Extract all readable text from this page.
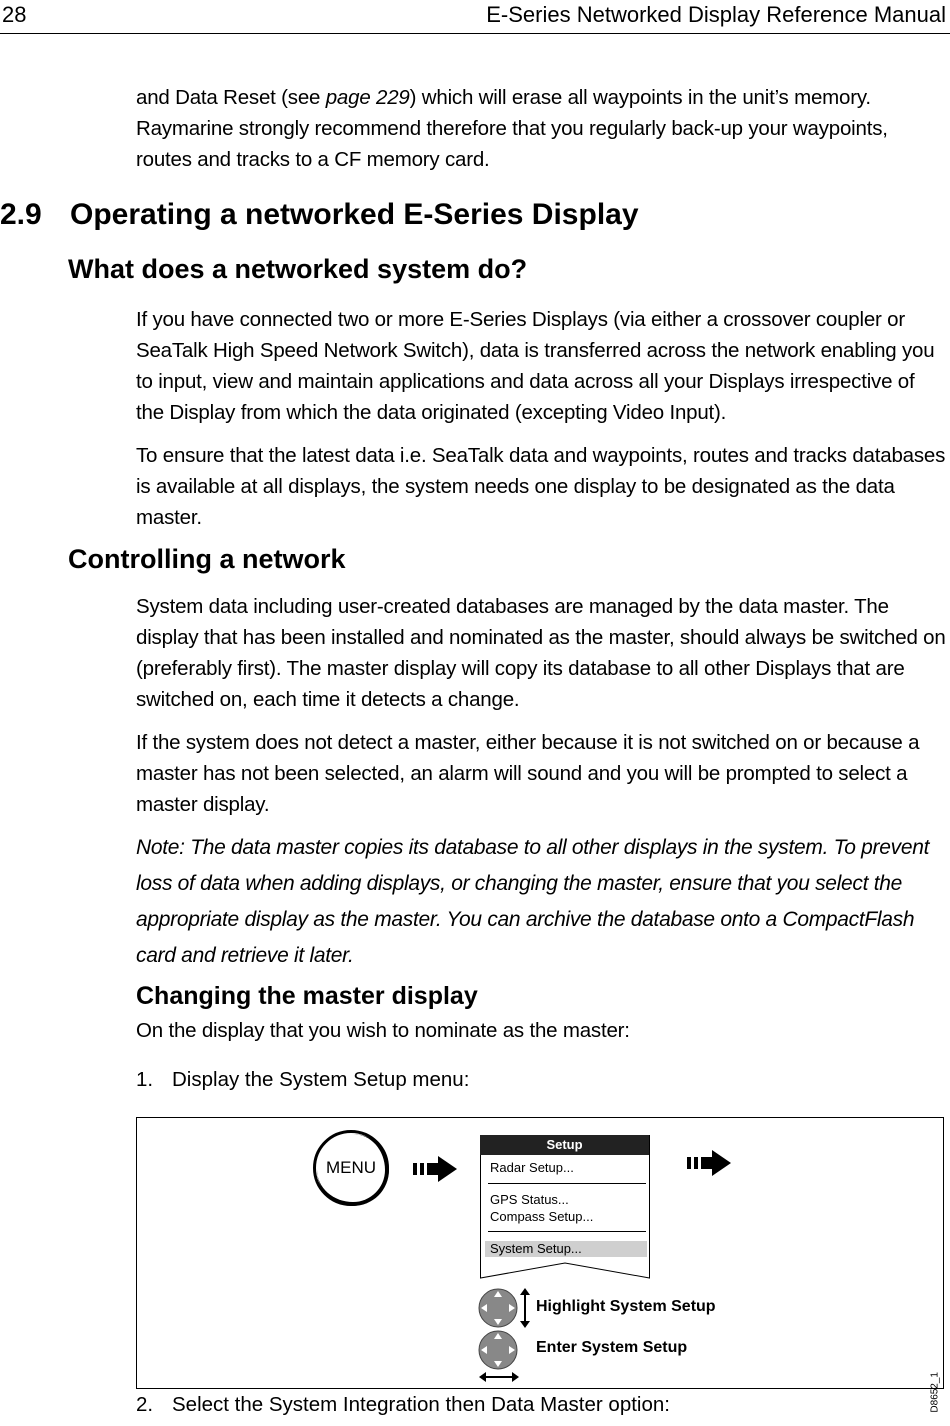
28	E-Series Networked Display Reference Manual

and Data Reset (see page 229) which will erase all waypoints in the unit’s memory. Raymarine strongly recommend therefore that you regularly back-up your waypoints, routes and tracks to a CF memory card.

2.9 Operating a networked E-Series Display
What does a networked system do?

If you have connected two or more E-Series Displays (via either a crossover coupler or SeaTalk High Speed Network Switch), data is transferred across the network enabling you to input, view and maintain applications and data across all your Displays irrespective of the Display from which the data originated (excepting Video Input).

To ensure that the latest data i.e. SeaTalk data and waypoints, routes and tracks databases is available at all displays, the system needs one display to be designated as the data master.

Controlling a network

System data including user-created databases are managed by the data master. The display that has been installed and nominated as the master, should always be switched on (preferably first). The master display will copy its database to all other Displays that are switched on, each time it detects a change.

If the system does not detect a master, either because it is not switched on or because a master has not been selected, an alarm will sound and you will be prompted to select a master display.

Note: The data master copies its database to all other displays in the system. To prevent loss of data when adding displays, or changing the master, ensure that you select the appropriate display as the master. You can archive the database onto a CompactFlash card and retrieve it later.

Changing the master display

On the display that you wish to nominate as the master:

1. Display the System Setup menu:

MENU
Setup
Radar Setup...
GPS Status...
Compass Setup...
System Setup...
Highlight System Setup
Enter System Setup
D8652_1

2. Select the System Integration then Data Master option:
